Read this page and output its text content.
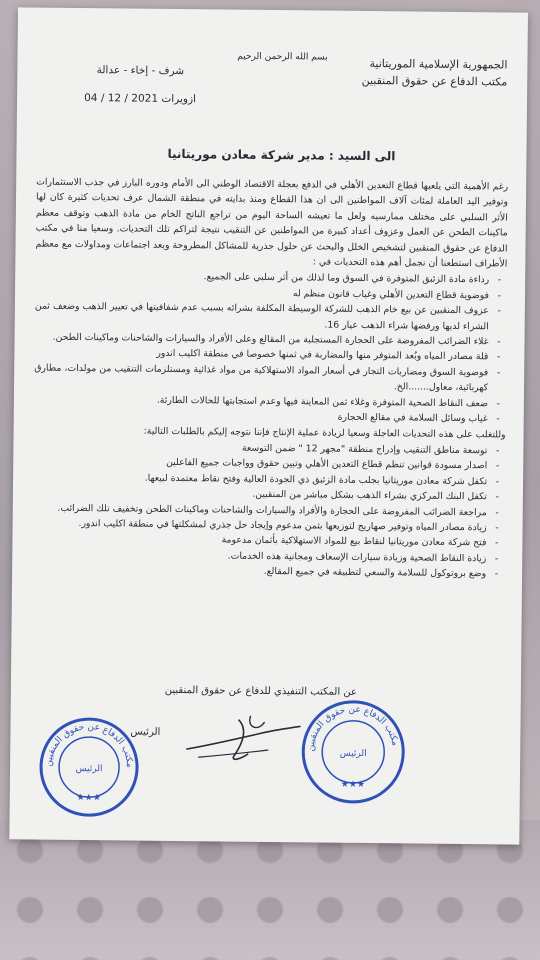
الجمهورية الإسلامية الموريتانية
مكتب الدفاع عن حقوق المنقبين
بسم الله الرحمن الرحيم
شرف - إخاء - عدالة
ازويرات 2021 / 12 / 04
الى السيد : مدير شركة معادن موريتانيا

رغم الأهمية التي يلعبها قطاع التعدين الأهلي في الدفع بعجلة الاقتصاد الوطني الى الأمام ودوره البارز في جذب الاستثمارات وتوفير اليد العاملة لمئات آلاف المواطنين الى ان هذا القطاع ومنذ بدايته في منطقة الشمال عرف تحديات كثيرة كان لها الأثر السلبي على مختلف ممارسيه ولعل ما تعيشه الساحة اليوم من تراجع الناتج الخام من مادة الذهب وتوقف معظم ماكينات الطحن عن العمل وعزوف أعداد كبيرة من المواطنين عن التنقيب نتيجة لتراكم تلك التحديات. وسعيا منا في مكتب الدفاع عن حقوق المنقبين لتشخيص الخلل والبحث عن حلول جذرية للمشاكل المطروحة وبعد اجتماعات ومداولات مع معظم الأطراف استطعنا أن نجمل أهم هذه التحديات في :

- رداءة مادة الزئبق المتوفرة في السوق وما لذلك من أثر سلبي على الجميع.
- فوضوية قطاع التعدين الأهلي وغياب قانون منظم له
- عزوف المنقبين عن بيع خام الذهب للشركة الوسيطة المكلفة بشرائه بسبب عدم شفافيتها في تعيير الذهب وضعف ثمن الشراء لديها ورفضها شراء الذهب عيار 16.
- غلاء الضرائب المفروضة على الحجارة المستجلبة من المقالع وعلى الأفراد والسيارات والشاحنات وماكينات الطحن.
- قلة مصادر المياه وبُعد المتوفر منها والمضاربة في ثمنها خصوصا في منطقة اكليب اندور
- فوضوية السوق ومضاربات التجار في أسعار المواد الاستهلاكية من مواد غذائية ومستلزمات التنقيب من مولدات، مطارق كهربائية، معاول.......الخ.
- ضعف النقاط الصحية المتوفرة وغلاء ثمن المعاينة فيها وعدم استجابتها للحالات الطارئة.
- غياب وسائل السلامة في مقالع الحجارة

وللتغلب على هذه التحديات العاجلة وسعيا لزيادة عملية الإنتاج فإننا نتوجه إليكم بالطلبات التالية:

- توسعة مناطق التنقيب وإدراج منطقة "مجهر 12 " ضمن التوسعة
- اصدار مسودة قوانين تنظم قطاع التعدين الأهلي وتبين حقوق وواجبات جميع الفاعلين
- تكفل شركة معادن موريتانيا بجلب مادة الزئبق ذي الجودة العالية وفتح نقاط معتمدة لبيعها.
- تكفل البنك المركزي بشراء الذهب بشكل مباشر من المنقبين.
- مراجعة الضرائب المفروضة على الحجارة والأفراد والسيارات والشاحنات وماكينات الطحن وتخفيف تلك الضرائب.
- زيادة مصادر المياه وتوفير صهاريج لتوزيعها بثمن مدعوم وإيجاد حل جذري لمشكلتها في منطقة اكليب اندور.
- فتح شركة معادن موريتانيا لنقاط بيع للمواد الاستهلاكية بأثمان مدعومة
- زيادة النقاط الصحية وزيادة سيارات الإسعاف ومجانية هذه الخدمات.
- وضع بروتوكول للسلامة والسعي لتطبيقه في جميع المقالع.
عن المكتب التنفيذي للدفاع عن حقوق المنقبين
الرئيس
مكتب الدفاع عن حقوق المنقبين
الرئيس
★★★
مكتب الدفاع عن حقوق المنقبين
الرئيس
★★★
